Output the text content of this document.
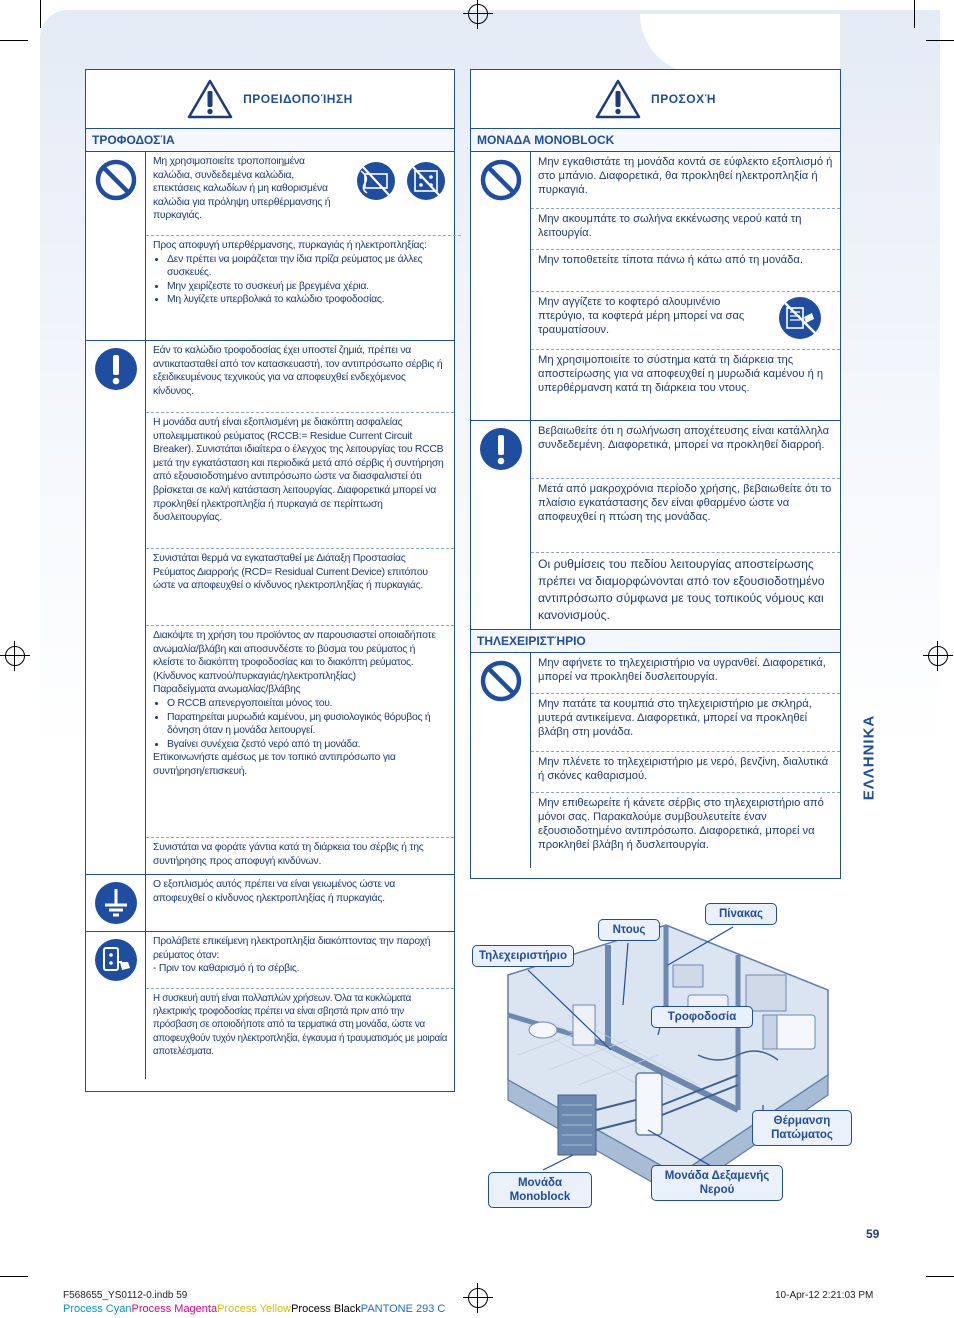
ΠΡΟΕΙΔΟΠΟΊΗΣΗ
ΤΡΟΦΟΔΟΣΊΑ
Μη χρησιμοποιείτε τροποποιημένα καλώδια, συνδεδεμένα καλώδια, επεκτάσεις καλωδίων ή μη καθορισμένα καλώδια για πρόληψη υπερθέρμανσης ή πυρκαγιάς.
Προς αποφυγή υπερθέρμανσης, πυρκαγιάς ή ηλεκτροπληξίας:
• Δεν πρέπει να μοιράζεται την ίδια πρίζα ρεύματος με άλλες συσκευές.
• Μην χειρίζεστε το συσκευή με βρεγμένα χέρια.
• Μη λυγίζετε υπερβολικά το καλώδιο τροφοδοσίας.
Εάν το καλώδιο τροφοδοσίας έχει υποστεί ζημιά, πρέπει να αντικατασταθεί από τον κατασκευαστή, τον αντιπρόσωπο σέρβις ή εξειδικευμένους τεχνικούς για να αποφευχθεί ενδεχόμενος κίνδυνος.
Η μονάδα αυτή είναι εξοπλισμένη με διακόπτη ασφαλείας υπολειμματικού ρεύματος (RCCB:= Residue Current Circuit Breaker). Συνιστάται ιδιαίτερα ο έλεγχος της λειτουργίας του RCCB μετά την εγκατάσταση και περιοδικά μετά από σέρβις ή συντήρηση από εξουσιοδοτημένο αντιπρόσωπο ώστε να διασφαλιστεί ότι βρίσκεται σε καλή κατάσταση λειτουργίας. Διαφορετικά μπορεί να προκληθεί ηλεκτροπληξία ή πυρκαγιά σε περίπτωση δυσλειτουργίας.
Συνιστάται θερμά να εγκατασταθεί με Διάταξη Προστασίας Ρεύματος Διαρροής (RCD= Residual Current Device) επιτόπου ώστε να αποφευχθεί ο κίνδυνος ηλεκτροπληξίας ή πυρκαγιάς.
Διακόψτε τη χρήση του προϊόντος αν παρουσιαστεί οποιαδήποτε ανωμαλία/βλάβη και αποσυνδέστε το βύσμα του ρεύματος ή κλείστε το διακόπτη τροφοδοσίας και το διακόπτη ρεύματος.
(Κίνδυνος καπνού/πυρκαγιάς/ηλεκτροπληξίας)
Παραδείγματα ανωμαλίας/βλάβης
• Ο RCCB απενεργοποιείται μόνος του.
• Παρατηρείται μυρωδιά καμένου, μη φυσιολογικός θόρυβος ή δόνηση όταν η μονάδα λειτουργεί.
• Βγαίνει συνέχεια ζεστό νερό από τη μονάδα.
Επικοινωνήστε αμέσως με τον τοπικό αντιπρόσωπο για συντήρηση/επισκευή.
Συνιστάται να φοράτε γάντια κατά τη διάρκεια του σέρβις ή της συντήρησης προς αποφυγή κινδύνων.
Ο εξοπλισμός αυτός πρέπει να είναι γειωμένος ώστε να αποφευχθεί ο κίνδυνος ηλεκτροπληξίας ή πυρκαγιάς.
Προλάβετε επικείμενη ηλεκτροπληξία διακόπτοντας την παροχή ρεύματος όταν:
- Πριν τον καθαρισμό ή το σέρβις.
Η συσκευή αυτή είναι πολλαπλών χρήσεων. Όλα τα κυκλώματα ηλεκτρικής τροφοδοσίας πρέπει να είναι σβηστά πριν από την πρόσβαση σε οποιοδήποτε από τα τερματικά στη μονάδα, ώστε να αποφευχθούν τυχόν ηλεκτροπληξία, έγκαυμα ή τραυματισμός με μοιραία αποτελέσματα.
ΠΡΟΣΟΧΉ
ΜΟΝΑΔΑ MONOBLOCK
Μην εγκαθιστάτε τη μονάδα κοντά σε εύφλεκτο εξοπλισμό ή στο μπάνιο. Διαφορετικά, θα προκληθεί ηλεκτροπληξία ή πυρκαγιά.
Μην ακουμπάτε το σωλήνα εκκένωσης νερού κατά τη λειτουργία.
Μην τοποθετείτε τίποτα πάνω ή κάτω από τη μονάδα.
Μην αγγίζετε το κοφτερό αλουμινένιο πτερύγιο, τα κοφτερά μέρη μπορεί να σας τραυματίσουν.
Μη χρησιμοποιείτε το σύστημα κατά τη διάρκεια της αποστείρωσης για να αποφευχθεί η μυρωδιά καμένου ή η υπερθέρμανση κατά τη διάρκεια του ντους.
Βεβαιωθείτε ότι η σωλήνωση αποχέτευσης είναι κατάλληλα συνδεδεμένη. Διαφορετικά, μπορεί να προκληθεί διαρροή.
Μετά από μακροχρόνια περίοδο χρήσης, βεβαιωθείτε ότι το πλαίσιο εγκατάστασης δεν είναι φθαρμένο ώστε να αποφευχθεί η πτώση της μονάδας.
Οι ρυθμίσεις του πεδίου λειτουργίας αποστείρωσης πρέπει να διαμορφώνονται από τον εξουσιοδοτημένο αντιπρόσωπο σύμφωνα με τους τοπικούς νόμους και κανονισμούς.
ΤΗΛΕΧΕΙΡΙΣΤΉΡΙΟ
Μην αφήνετε το τηλεχειριστήριο να υγρανθεί. Διαφορετικά, μπορεί να προκληθεί δυσλειτουργία.
Μην πατάτε τα κουμπιά στο τηλεχειριστήριο με σκληρά, μυτερά αντικείμενα. Διαφορετικά, μπορεί να προκληθεί βλάβη στη μονάδα.
Μην πλένετε το τηλεχειριστήριο με νερό, βενζίνη, διαλυτικά ή σκόνες καθαρισμού.
Μην επιθεωρείτε ή κάνετε σέρβις στο τηλεχειριστήριο από μόνοι σας. Παρακαλούμε συμβουλευτείτε έναν εξουσιοδοτημένο αντιπρόσωπο. Διαφορετικά, μπορεί να προκληθεί βλάβη ή δυσλειτουργία.
ΕΛΛΗΝΙΚΑ
Τηλεχειριστήριο
Ντους
Πίνακας
Τροφοδοσία
Θέρμανση
Πατώματος
Μονάδα
Monoblock
Μονάδα Δεξαμενής
Νερού
59
F568655_YS0112-0.indb 59	10-Apr-12 2:21:03 PM
Process CyanProcess MagentaProcess YellowProcess BlackPANTONE 293 C
